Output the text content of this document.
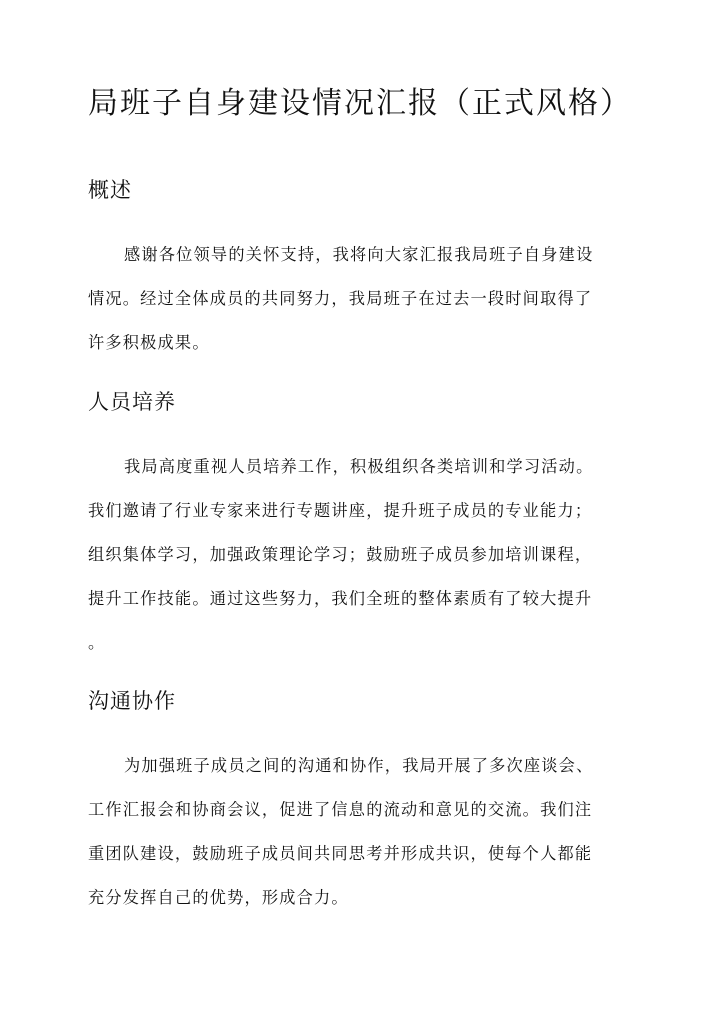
局班子自身建设情况汇报（正式风格）
概述
感谢各位领导的关怀支持，我将向大家汇报我局班子自身建设
情况。经过全体成员的共同努力，我局班子在过去一段时间取得了
许多积极成果。
人员培养
我局高度重视人员培养工作，积极组织各类培训和学习活动。
我们邀请了行业专家来进行专题讲座，提升班子成员的专业能力；
组织集体学习，加强政策理论学习；鼓励班子成员参加培训课程，
提升工作技能。通过这些努力，我们全班的整体素质有了较大提升
。
沟通协作
为加强班子成员之间的沟通和协作，我局开展了多次座谈会、
工作汇报会和协商会议，促进了信息的流动和意见的交流。我们注
重团队建设，鼓励班子成员间共同思考并形成共识，使每个人都能
充分发挥自己的优势，形成合力。
